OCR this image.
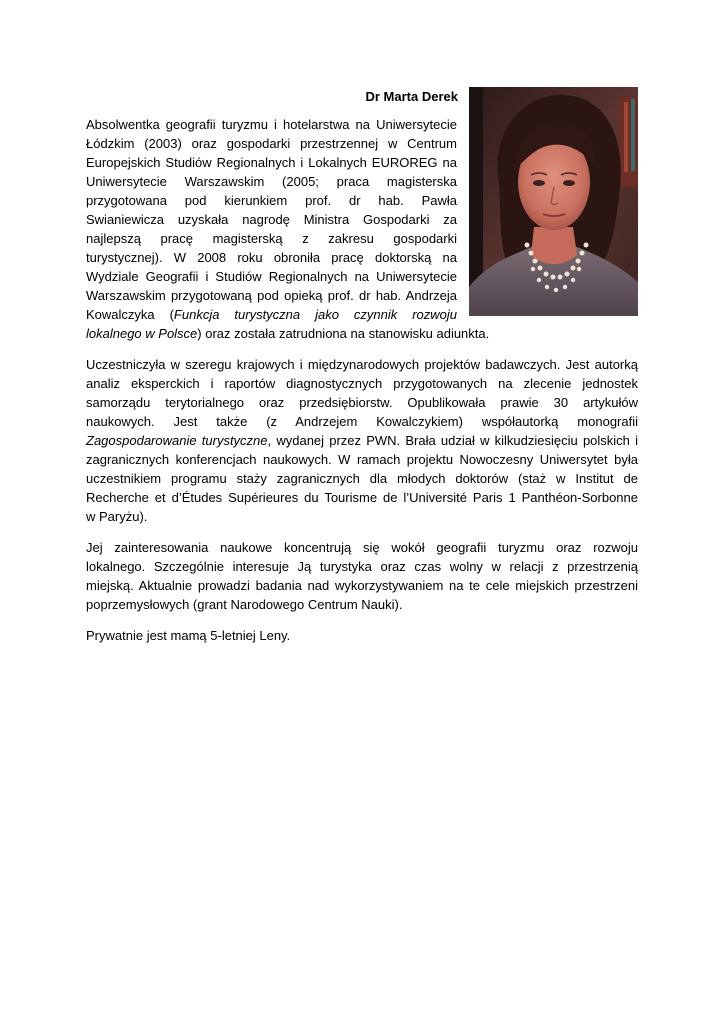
Dr Marta Derek
Absolwentka geografii turyzmu i hotelarstwa na Uniwersytecie
Łódzkim (2003) oraz gospodarki przestrzennej w Centrum
Europejskich Studiów Regionalnych i Lokalnych EUROREG na
Uniwersytecie Warszawskim (2005; praca magisterska
przygotowana pod kierunkiem prof. dr hab. Pawła
Swianiewicza uzyskała nagrodę Ministra Gospodarki za
najlepszą pracę magisterską z zakresu gospodarki
turystycznej). W 2008 roku obroniła pracę doktorską na
Wydziale Geografii i Studiów Regionalnych na Uniwersytecie
Warszawskim przygotowaną pod opieką prof. dr hab. Andrzeja
Kowalczyka (Funkcja turystyczna jako czynnik rozwoju
lokalnego w Polsce) oraz została zatrudniona na stanowisku adiunkta.
Uczestniczyła w szeregu krajowych i międzynarodowych projektów badawczych. Jest autorką
analiz eksperckich i raportów diagnostycznych przygotowanych na zlecenie jednostek
samorządu terytorialnego oraz przedsiębiorstw. Opublikowała prawie 30 artykułów
naukowych. Jest także (z Andrzejem Kowalczykiem) współautorką monografii
Zagospodarowanie turystyczne, wydanej przez PWN. Brała udział w kilkudziesięciu polskich i
zagranicznych konferencjach naukowych. W ramach projektu Nowoczesny Uniwersytet była
uczestnikiem programu staży zagranicznych dla młodych doktorów (staż w Institut de
Recherche et d’Études Supérieures du Tourisme de l’Université Paris 1 Panthéon-Sorbonne
w Paryżu).
Jej zainteresowania naukowe koncentrują się wokół geografii turyzmu oraz rozwoju
lokalnego. Szczególnie interesuje Ją turystyka oraz czas wolny w relacji z przestrzenią
miejską. Aktualnie prowadzi badania nad wykorzystywaniem na te cele miejskich przestrzeni
poprzemysłowych (grant Narodowego Centrum Nauki).
Prywatnie jest mamą 5-letniej Leny.
